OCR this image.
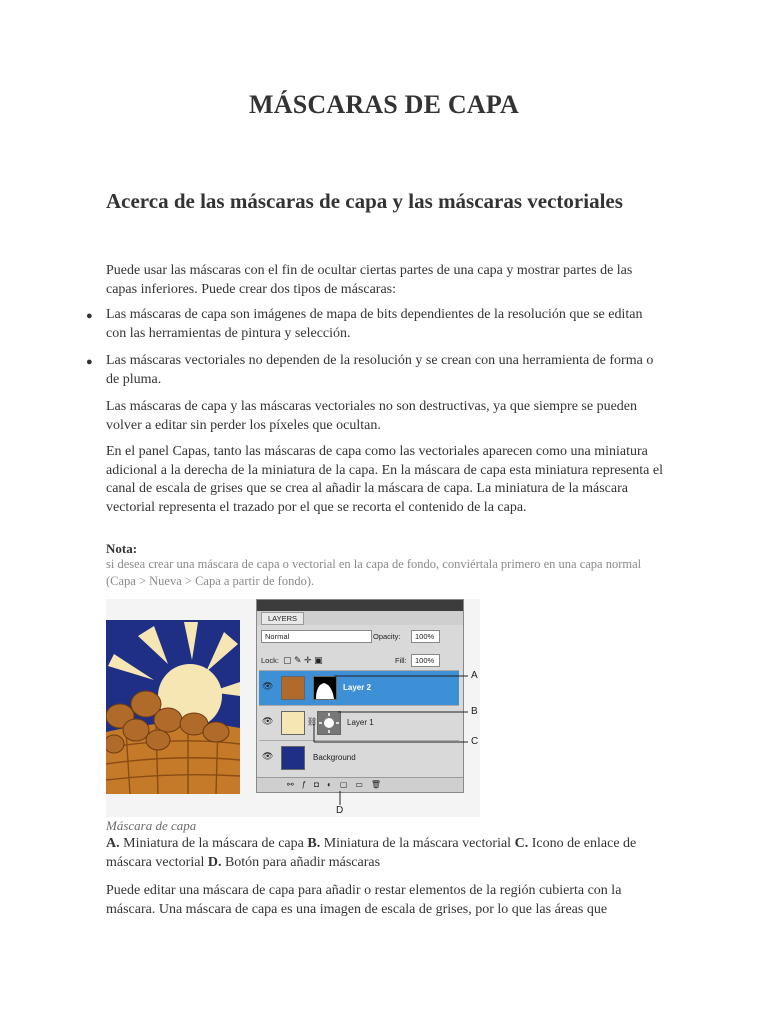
MÁSCARAS DE CAPA
Acerca de las máscaras de capa y las máscaras vectoriales

Puede usar las máscaras con el fin de ocultar ciertas partes de una capa y mostrar partes de las capas inferiores. Puede crear dos tipos de máscaras:

● Las máscaras de capa son imágenes de mapa de bits dependientes de la resolución que se editan con las herramientas de pintura y selección.

● Las máscaras vectoriales no dependen de la resolución y se crean con una herramienta de forma o de pluma.

Las máscaras de capa y las máscaras vectoriales no son destructivas, ya que siempre se pueden volver a editar sin perder los píxeles que ocultan.

En el panel Capas, tanto las máscaras de capa como las vectoriales aparecen como una miniatura adicional a la derecha de la miniatura de la capa. En la máscara de capa esta miniatura representa el canal de escala de grises que se crea al añadir la máscara de capa. La miniatura de la máscara vectorial representa el trazado por el que se recorta el contenido de la capa.

Nota:
si desea crear una máscara de capa o vectorial en la capa de fondo, conviértala primero en una capa normal (Capa > Nueva > Capa a partir de fondo).
LAYERS
Normal	Opacity:	100%
Lock: ▢ ✎ ✛ ▣	Fill:	100%
👁	Layer 2
👁	⛓	Layer 1
👁	Background
⚯ƒ◘◐▢▭🗑
A
B
C
D
Máscara de capa
A. Miniatura de la máscara de capa B. Miniatura de la máscara vectorial C. Icono de enlace de máscara vectorial D. Botón para añadir máscaras

Puede editar una máscara de capa para añadir o restar elementos de la región cubierta con la máscara. Una máscara de capa es una imagen de escala de grises, por lo que las áreas que
